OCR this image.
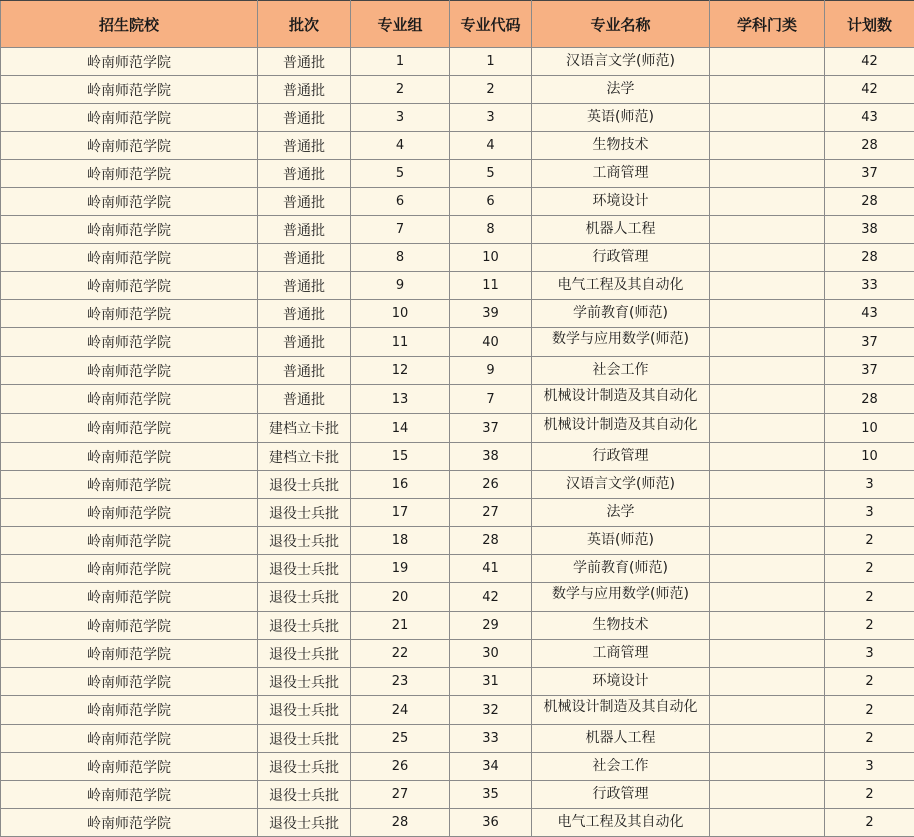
招生院校	批次	专业组	专业代码	专业名称	学科门类	计划数
岭南师范学院	普通批	1	1	汉语言文学(师范)		42
岭南师范学院	普通批	2	2	法学		42
岭南师范学院	普通批	3	3	英语(师范)		43
岭南师范学院	普通批	4	4	生物技术		28
岭南师范学院	普通批	5	5	工商管理		37
岭南师范学院	普通批	6	6	环境设计		28
岭南师范学院	普通批	7	8	机器人工程		38
岭南师范学院	普通批	8	10	行政管理		28
岭南师范学院	普通批	9	11	电气工程及其自动化		33
岭南师范学院	普通批	10	39	学前教育(师范)		43
岭南师范学院	普通批	11	40	数学与应用数学(师范)		37
岭南师范学院	普通批	12	9	社会工作		37
岭南师范学院	普通批	13	7	机械设计制造及其自动化		28
岭南师范学院	建档立卡批	14	37	机械设计制造及其自动化		10
岭南师范学院	建档立卡批	15	38	行政管理		10
岭南师范学院	退役士兵批	16	26	汉语言文学(师范)		3
岭南师范学院	退役士兵批	17	27	法学		3
岭南师范学院	退役士兵批	18	28	英语(师范)		2
岭南师范学院	退役士兵批	19	41	学前教育(师范)		2
岭南师范学院	退役士兵批	20	42	数学与应用数学(师范)		2
岭南师范学院	退役士兵批	21	29	生物技术		2
岭南师范学院	退役士兵批	22	30	工商管理		3
岭南师范学院	退役士兵批	23	31	环境设计		2
岭南师范学院	退役士兵批	24	32	机械设计制造及其自动化		2
岭南师范学院	退役士兵批	25	33	机器人工程		2
岭南师范学院	退役士兵批	26	34	社会工作		3
岭南师范学院	退役士兵批	27	35	行政管理		2
岭南师范学院	退役士兵批	28	36	电气工程及其自动化		2
